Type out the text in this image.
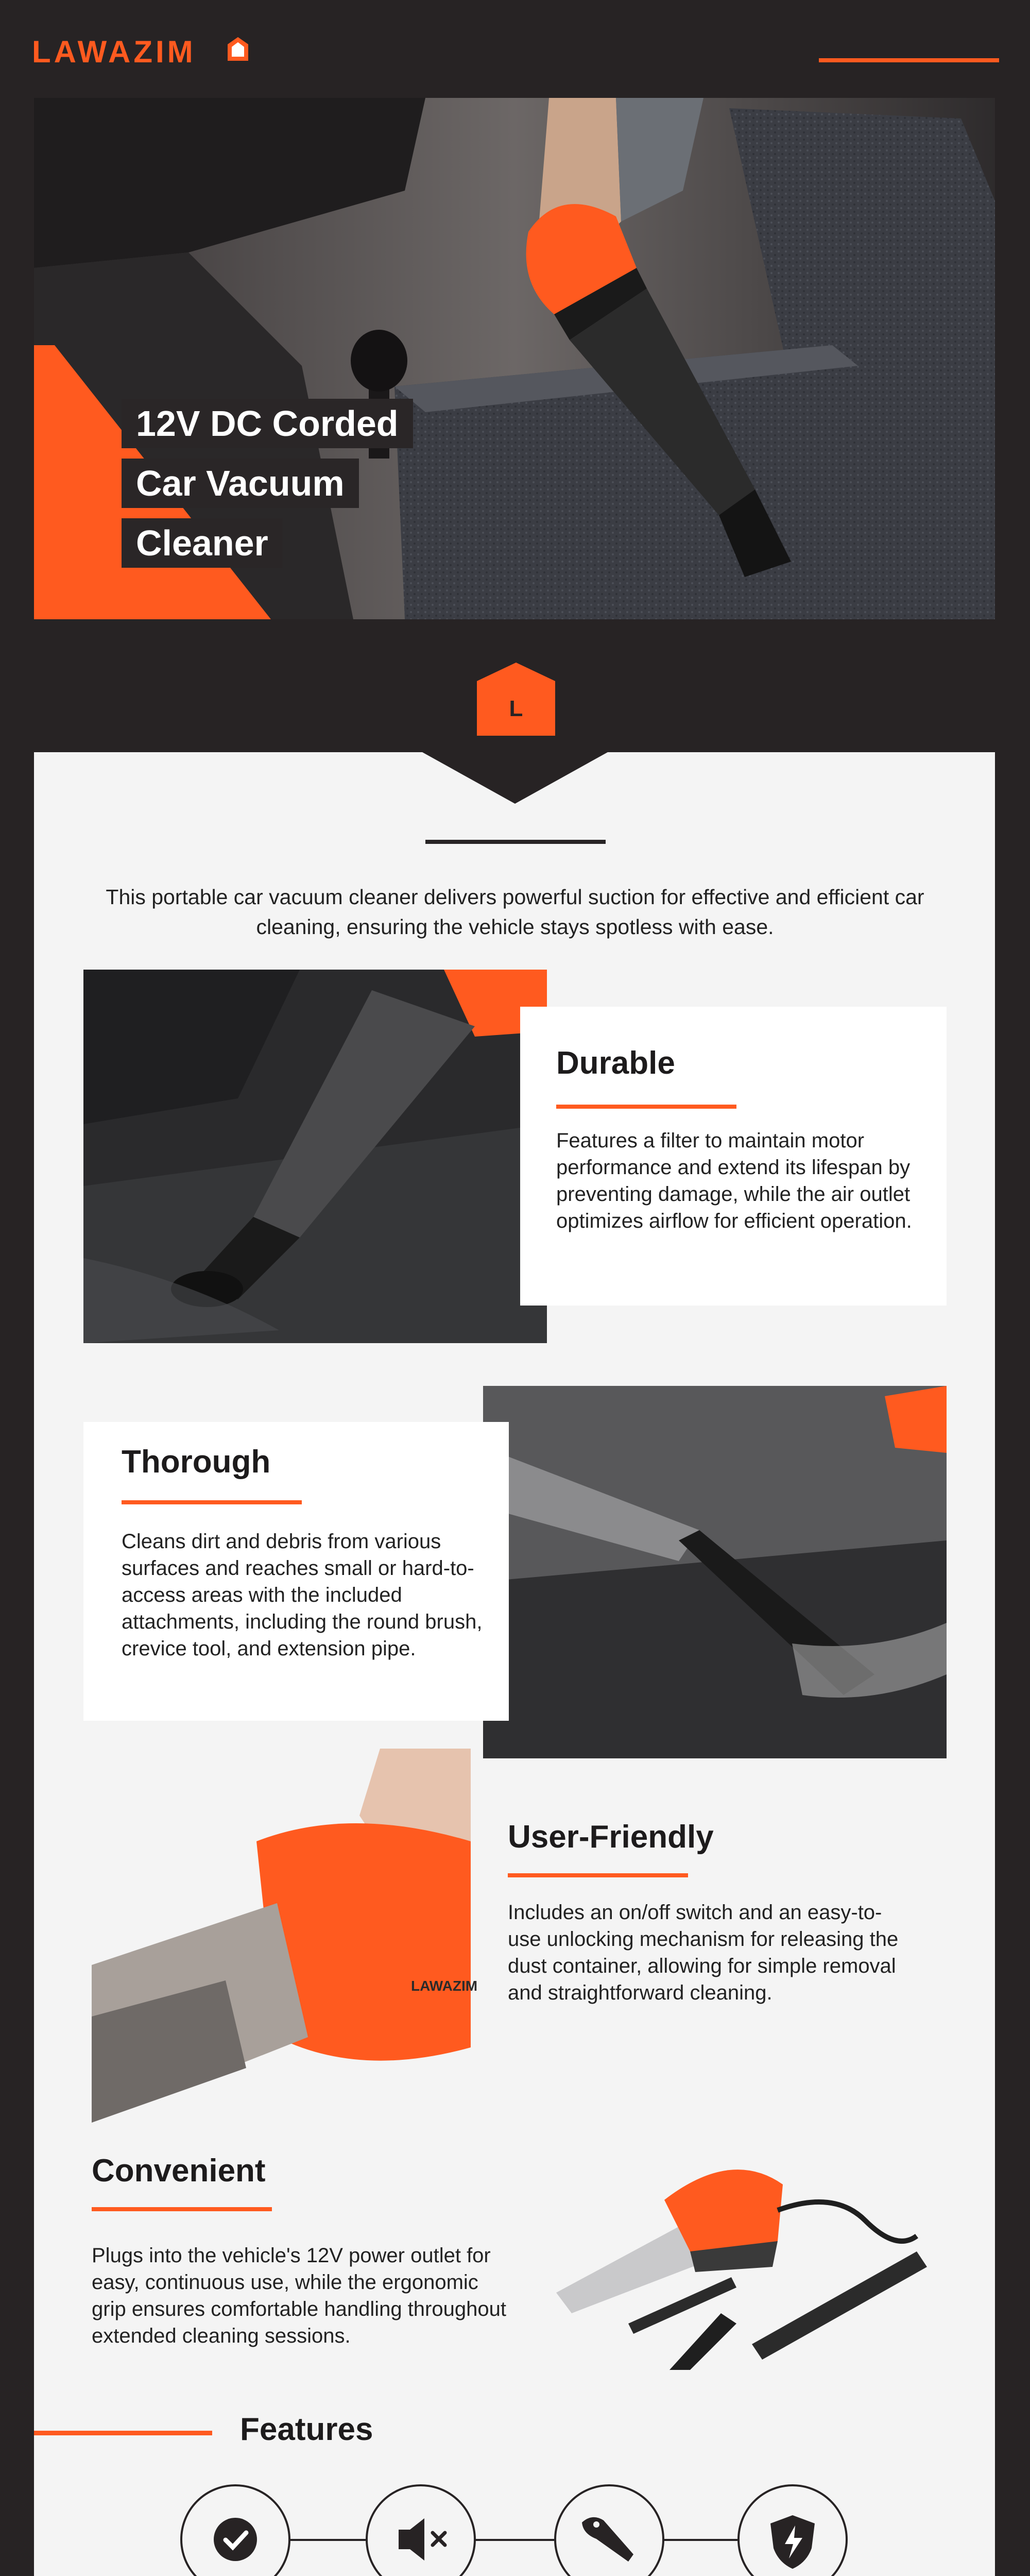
LAWAZIM
12V DC Corded
Car Vacuum
Cleaner
L
This portable car vacuum cleaner delivers powerful suction for effective and efficient car cleaning, ensuring the vehicle stays spotless with ease.
Durable
Features a filter to maintain motor performance and extend its lifespan by preventing damage, while the air outlet optimizes airflow for efficient operation.
Thorough
Cleans dirt and debris from various surfaces and reaches small or hard-to-access areas with the included attachments, including the round brush, crevice tool, and extension pipe.
LAWAZIM
User-Friendly
Includes an on/off switch and an easy-to-use unlocking mechanism for releasing the dust container, allowing for simple removal and straightforward cleaning.
Convenient
Plugs into the vehicle's 12V power outlet for easy, continuous use, while the ergonomic grip ensures comfortable handling throughout extended cleaning sessions.
Features
